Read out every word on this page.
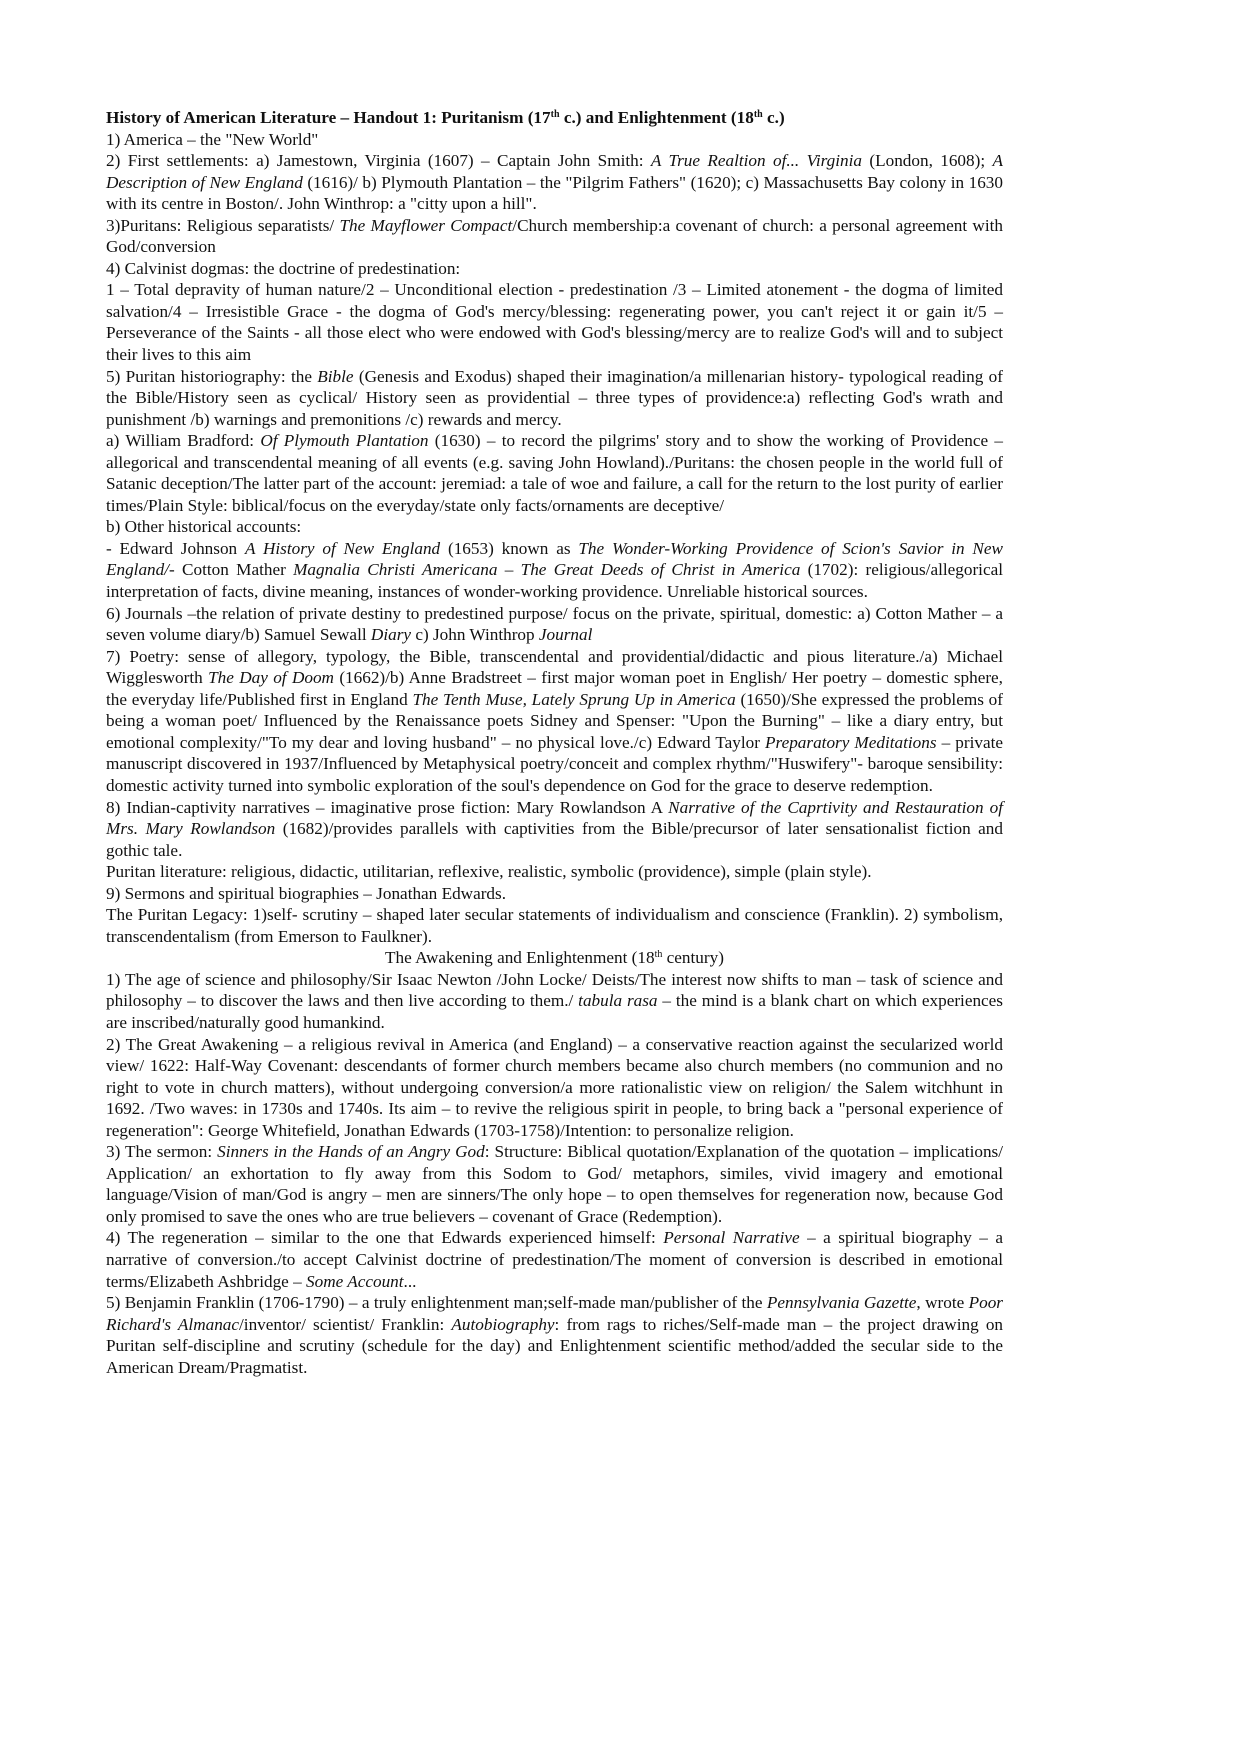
History of American Literature – Handout 1: Puritanism (17th c.) and Enlightenment (18th c.)

1) America – the "New World"

2) First settlements: a) Jamestown, Virginia (1607) – Captain John Smith: A True Realtion of... Virginia (London, 1608); A Description of New England (1616)/ b) Plymouth Plantation – the "Pilgrim Fathers" (1620); c) Massachusetts Bay colony in 1630 with its centre in Boston/. John Winthrop: a "citty upon a hill".

3)Puritans: Religious separatists/ The Mayflower Compact/Church membership:a covenant of church: a personal agreement with God/conversion

4) Calvinist dogmas: the doctrine of predestination:

1 – Total depravity of human nature/2 – Unconditional election - predestination /3 – Limited atonement - the dogma of limited salvation/4 – Irresistible Grace - the dogma of God's mercy/blessing: regenerating power, you can't reject it or gain it/5 – Perseverance of the Saints - all those elect who were endowed with God's blessing/mercy are to realize God's will and to subject their lives to this aim

5) Puritan historiography: the Bible (Genesis and Exodus) shaped their imagination/a millenarian history- typological reading of the Bible/History seen as cyclical/ History seen as providential – three types of providence:a) reflecting God's wrath and punishment /b) warnings and premonitions /c) rewards and mercy.

a) William Bradford: Of Plymouth Plantation (1630) – to record the pilgrims' story and to show the working of Providence – allegorical and transcendental meaning of all events (e.g. saving John Howland)./Puritans: the chosen people in the world full of Satanic deception/The latter part of the account: jeremiad: a tale of woe and failure, a call for the return to the lost purity of earlier times/Plain Style: biblical/focus on the everyday/state only facts/ornaments are deceptive/

b) Other historical accounts:

- Edward Johnson A History of New England (1653) known as The Wonder-Working Providence of Scion's Savior in New England/- Cotton Mather Magnalia Christi Americana – The Great Deeds of Christ in America (1702): religious/allegorical interpretation of facts, divine meaning, instances of wonder-working providence. Unreliable historical sources.

6) Journals –the relation of private destiny to predestined purpose/ focus on the private, spiritual, domestic: a) Cotton Mather – a seven volume diary/b) Samuel Sewall Diary c) John Winthrop Journal

7) Poetry: sense of allegory, typology, the Bible, transcendental and providential/didactic and pious literature./a) Michael Wigglesworth The Day of Doom (1662)/b) Anne Bradstreet – first major woman poet in English/ Her poetry – domestic sphere, the everyday life/Published first in England The Tenth Muse, Lately Sprung Up in America (1650)/She expressed the problems of being a woman poet/ Influenced by the Renaissance poets Sidney and Spenser: "Upon the Burning" – like a diary entry, but emotional complexity/"To my dear and loving husband" – no physical love./c) Edward Taylor Preparatory Meditations – private manuscript discovered in 1937/Influenced by Metaphysical poetry/conceit and complex rhythm/"Huswifery"- baroque sensibility: domestic activity turned into symbolic exploration of the soul's dependence on God for the grace to deserve redemption.

8) Indian-captivity narratives – imaginative prose fiction: Mary Rowlandson A Narrative of the Caprtivity and Restauration of Mrs. Mary Rowlandson (1682)/provides parallels with captivities from the Bible/precursor of later sensationalist fiction and gothic tale.

Puritan literature: religious, didactic, utilitarian, reflexive, realistic, symbolic (providence), simple (plain style).

9) Sermons and spiritual biographies – Jonathan Edwards.

The Puritan Legacy: 1)self- scrutiny – shaped later secular statements of individualism and conscience (Franklin). 2) symbolism, transcendentalism (from Emerson to Faulkner).

The Awakening and Enlightenment (18th century)

1) The age of science and philosophy/Sir Isaac Newton /John Locke/ Deists/The interest now shifts to man – task of science and philosophy – to discover the laws and then live according to them./ tabula rasa – the mind is a blank chart on which experiences are inscribed/naturally good humankind.

2) The Great Awakening – a religious revival in America (and England) – a conservative reaction against the secularized world view/ 1622: Half-Way Covenant: descendants of former church members became also church members (no communion and no right to vote in church matters), without undergoing conversion/a more rationalistic view on religion/ the Salem witchhunt in 1692. /Two waves: in 1730s and 1740s. Its aim – to revive the religious spirit in people, to bring back a "personal experience of regeneration": George Whitefield, Jonathan Edwards (1703-1758)/Intention: to personalize religion.

3) The sermon: Sinners in the Hands of an Angry God: Structure: Biblical quotation/Explanation of the quotation – implications/ Application/ an exhortation to fly away from this Sodom to God/ metaphors, similes, vivid imagery and emotional language/Vision of man/God is angry – men are sinners/The only hope – to open themselves for regeneration now, because God only promised to save the ones who are true believers – covenant of Grace (Redemption).

4) The regeneration – similar to the one that Edwards experienced himself: Personal Narrative – a spiritual biography – a narrative of conversion./to accept Calvinist doctrine of predestination/The moment of conversion is described in emotional terms/Elizabeth Ashbridge – Some Account...

5) Benjamin Franklin (1706-1790) – a truly enlightenment man;self-made man/publisher of the Pennsylvania Gazette, wrote Poor Richard's Almanac/inventor/ scientist/ Franklin: Autobiography: from rags to riches/Self-made man – the project drawing on Puritan self-discipline and scrutiny (schedule for the day) and Enlightenment scientific method/added the secular side to the American Dream/Pragmatist.
